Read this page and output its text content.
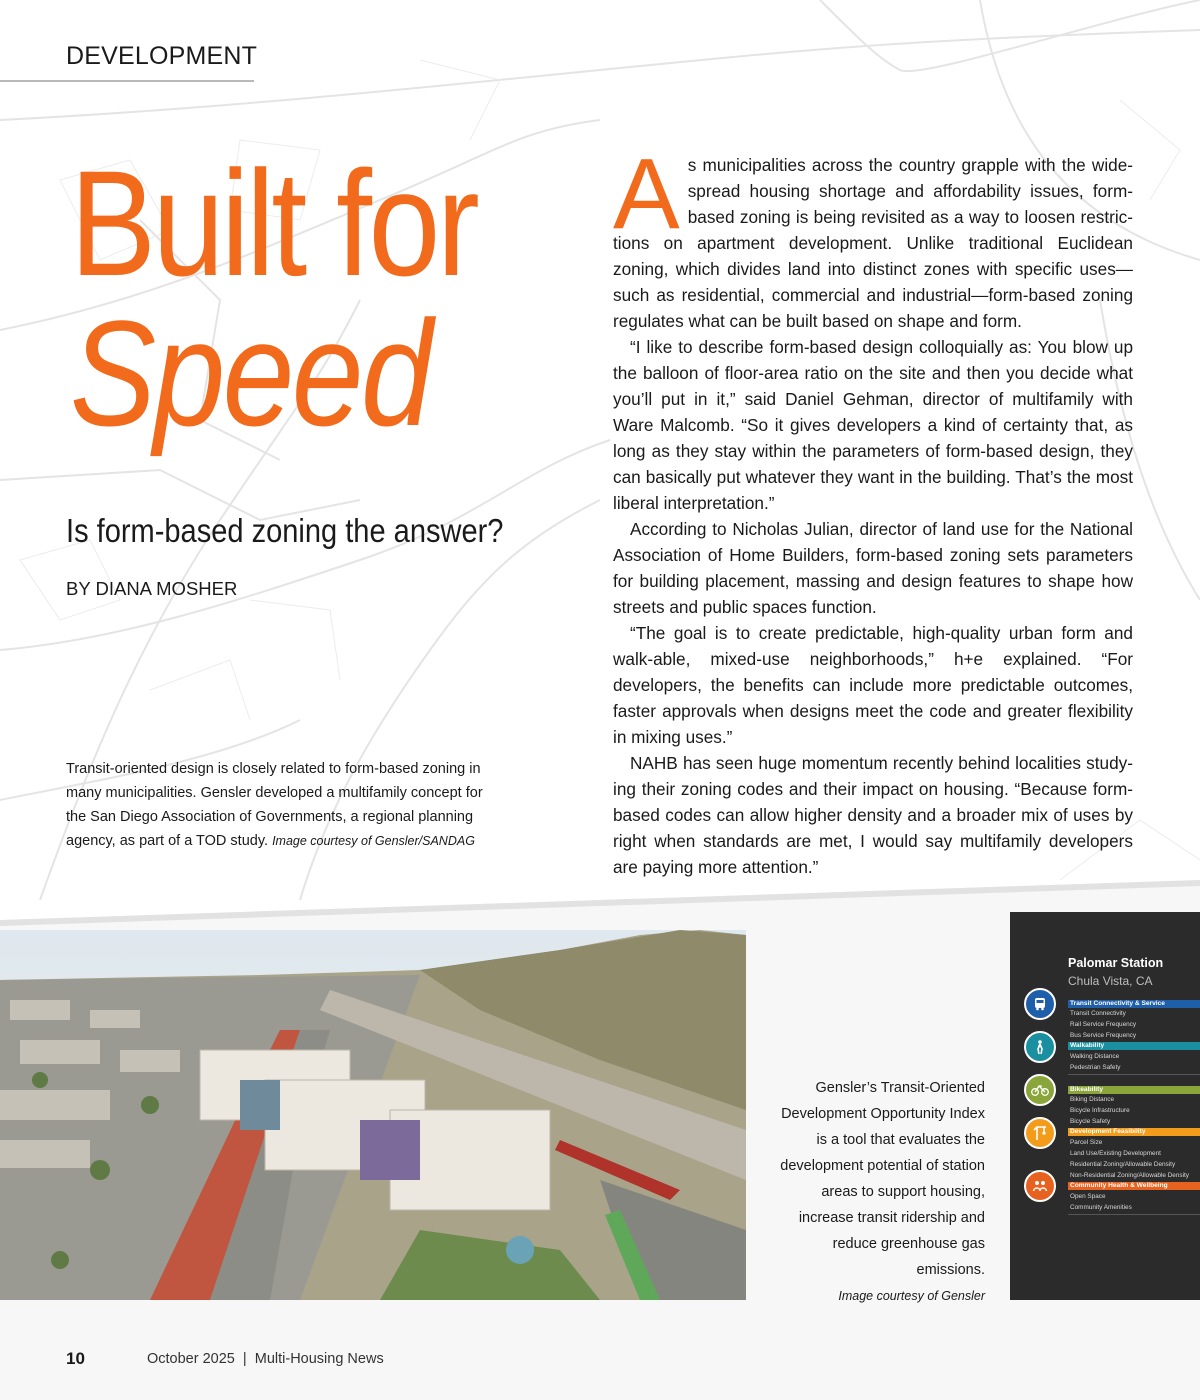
DEVELOPMENT
Built for
Speed
Is form-based zoning the answer?
BY DIANA MOSHER
Transit-oriented design is closely related to form-based zoning in many municipalities. Gensler developed a multifamily concept for the San Diego Association of Governments, a regional planning agency, as part of a TOD study. Image courtesy of Gensler/SANDAG

As municipalities across the country grapple with the wide-spread housing shortage and affordability issues, form-based zoning is being revisited as a way to loosen restric-tions on apartment development. Unlike traditional Euclidean zoning, which divides land into distinct zones with specific uses—such as residential, commercial and industrial—form-based zoning regulates what can be built based on shape and form.

“I like to describe form-based design colloquially as: You blow up the balloon of floor-area ratio on the site and then you decide what you’ll put in it,” said Daniel Gehman, director of multifamily with Ware Malcomb. “So it gives developers a kind of certainty that, as long as they stay within the parameters of form-based design, they can basically put whatever they want in the building. That’s the most liberal interpretation.”

According to Nicholas Julian, director of land use for the National Association of Home Builders, form-based zoning sets parameters for building placement, massing and design features to shape how streets and public spaces function.

“The goal is to create predictable, high-quality urban form and walk-able, mixed-use neighborhoods,” h+e explained. “For developers, the benefits can include more predictable outcomes, faster approvals when designs meet the code and greater flexibility in mixing uses.”

NAHB has seen huge momentum recently behind localities study-ing their zoning codes and their impact on housing. “Because form-based codes can allow higher density and a broader mix of uses by right when standards are met, I would say multifamily developers are paying more attention.”

Gensler’s Transit-Oriented Development Opportunity Index is a tool that evaluates the development potential of station areas to support housing, increase transit ridership and reduce greenhouse gas emissions.
Image courtesy of Gensler
Palomar Station
Chula Vista, CA
Transit Connectivity & Service
Transit Connectivity
Rail Service Frequency
Bus Service Frequency
Walkability
Walking Distance
Pedestrian Safety
Bikeability
Biking Distance
Bicycle Infrastructure
Bicycle Safety
Development Feasibility
Parcel Size
Land Use/Existing Development
Residential Zoning/Allowable Density
Non-Residential Zoning/Allowable Density
Community Health & Wellbeing
Open Space
Community Amenities
10	October 2025  |  Multi-Housing News
